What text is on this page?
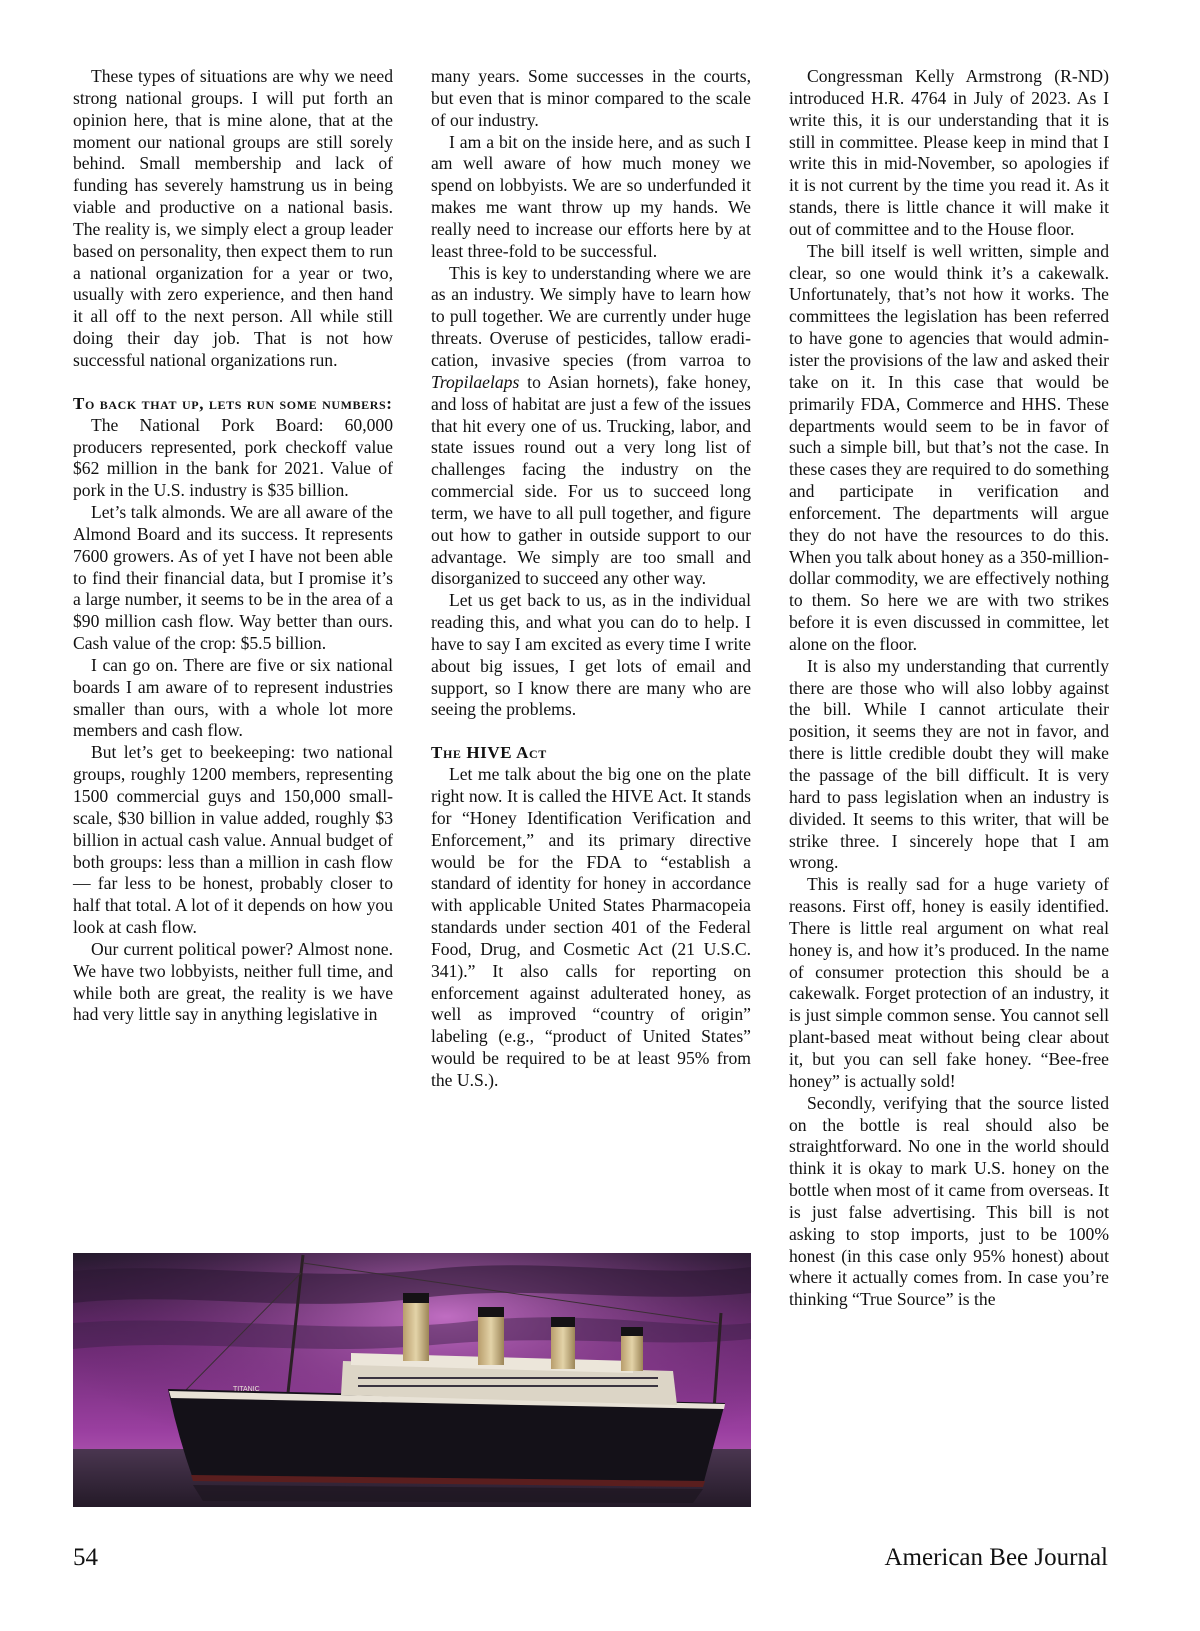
These types of situations are why we need strong national groups. I will put forth an opinion here, that is mine alone, that at the moment our national groups are still sorely behind. Small membership and lack of funding has severely hamstrung us in being viable and productive on a national basis. The reality is, we simply elect a group leader based on personality, then expect them to run a national organization for a year or two, usually with zero experience, and then hand it all off to the next person. All while still doing their day job. That is not how successful national organizations run.

To back that up, lets run some numbers:

The National Pork Board: 60,000 producers represented, pork checkoff value $62 million in the bank for 2021. Value of pork in the U.S. industry is $35 billion.

Let’s talk almonds. We are all aware of the Almond Board and its success. It represents 7600 growers. As of yet I have not been able to find their financial data, but I promise it’s a large number, it seems to be in the area of a $90 million cash flow. Way better than ours. Cash value of the crop: $5.5 billion.

I can go on. There are five or six national boards I am aware of to represent industries smaller than ours, with a whole lot more members and cash flow.

But let’s get to beekeeping: two national groups, roughly 1200 members, representing 1500 commercial guys and 150,000 small-scale, $30 billion in value added, roughly $3 billion in actual cash value. Annual budget of both groups: less than a million in cash flow — far less to be honest, probably closer to half that total. A lot of it depends on how you look at cash flow.

Our current political power? Almost none. We have two lobbyists, neither full time, and while both are great, the reality is we have had very little say in anything legislative in

many years. Some successes in the courts, but even that is minor compared to the scale of our industry.

I am a bit on the inside here, and as such I am well aware of how much money we spend on lobbyists. We are so underfunded it makes me want throw up my hands. We really need to increase our efforts here by at least three-fold to be successful.

This is key to understanding where we are as an industry. We simply have to learn how to pull together. We are currently under huge threats. Overuse of pesticides, tallow eradication, invasive species (from varroa to Tropilaelaps to Asian hornets), fake honey, and loss of habitat are just a few of the issues that hit every one of us. Trucking, labor, and state issues round out a very long list of challenges facing the industry on the commercial side. For us to succeed long term, we have to all pull together, and figure out how to gather in outside support to our advantage. We simply are too small and disorganized to succeed any other way.

Let us get back to us, as in the individual reading this, and what you can do to help. I have to say I am excited as every time I write about big issues, I get lots of email and support, so I know there are many who are seeing the problems.

The HIVE Act

Let me talk about the big one on the plate right now. It is called the HIVE Act. It stands for “Honey Identification Verification and Enforcement,” and its primary directive would be for the FDA to “establish a standard of identity for honey in accordance with applicable United States Pharmacopeia standards under section 401 of the Federal Food, Drug, and Cosmetic Act (21 U.S.C. 341).” It also calls for reporting on enforcement against adulterated honey, as well as improved “country of origin” labeling (e.g., “product of United States” would be required to be at least 95% from the U.S.).

Congressman Kelly Armstrong (R-ND) introduced H.R. 4764 in July of 2023. As I write this, it is our understanding that it is still in committee. Please keep in mind that I write this in mid-November, so apologies if it is not current by the time you read it. As it stands, there is little chance it will make it out of committee and to the House floor.

The bill itself is well written, simple and clear, so one would think it’s a cakewalk. Unfortunately, that’s not how it works. The committees the legislation has been referred to have gone to agencies that would administer the provisions of the law and asked their take on it. In this case that would be primarily FDA, Commerce and HHS. These departments would seem to be in favor of such a simple bill, but that’s not the case. In these cases they are required to do something and participate in verification and enforcement. The departments will argue they do not have the resources to do this. When you talk about honey as a 350-million-dollar commodity, we are effectively nothing to them. So here we are with two strikes before it is even discussed in committee, let alone on the floor.

It is also my understanding that currently there are those who will also lobby against the bill. While I cannot articulate their position, it seems they are not in favor, and there is little credible doubt they will make the passage of the bill difficult. It is very hard to pass legislation when an industry is divided. It seems to this writer, that will be strike three. I sincerely hope that I am wrong.

This is really sad for a huge variety of reasons. First off, honey is easily identified. There is little real argument on what real honey is, and how it’s produced. In the name of consumer protection this should be a cakewalk. Forget protection of an industry, it is just simple common sense. You cannot sell plant-based meat without being clear about it, but you can sell fake honey. “Bee-free honey” is actually sold!

Secondly, verifying that the source listed on the bottle is real should also be straightforward. No one in the world should think it is okay to mark U.S. honey on the bottle when most of it came from overseas. It is just false advertising. This bill is not asking to stop imports, just to be 100% honest (in this case only 95% honest) about where it actually comes from. In case you’re thinking “True Source” is the

TITANIC
54	American Bee Journal
